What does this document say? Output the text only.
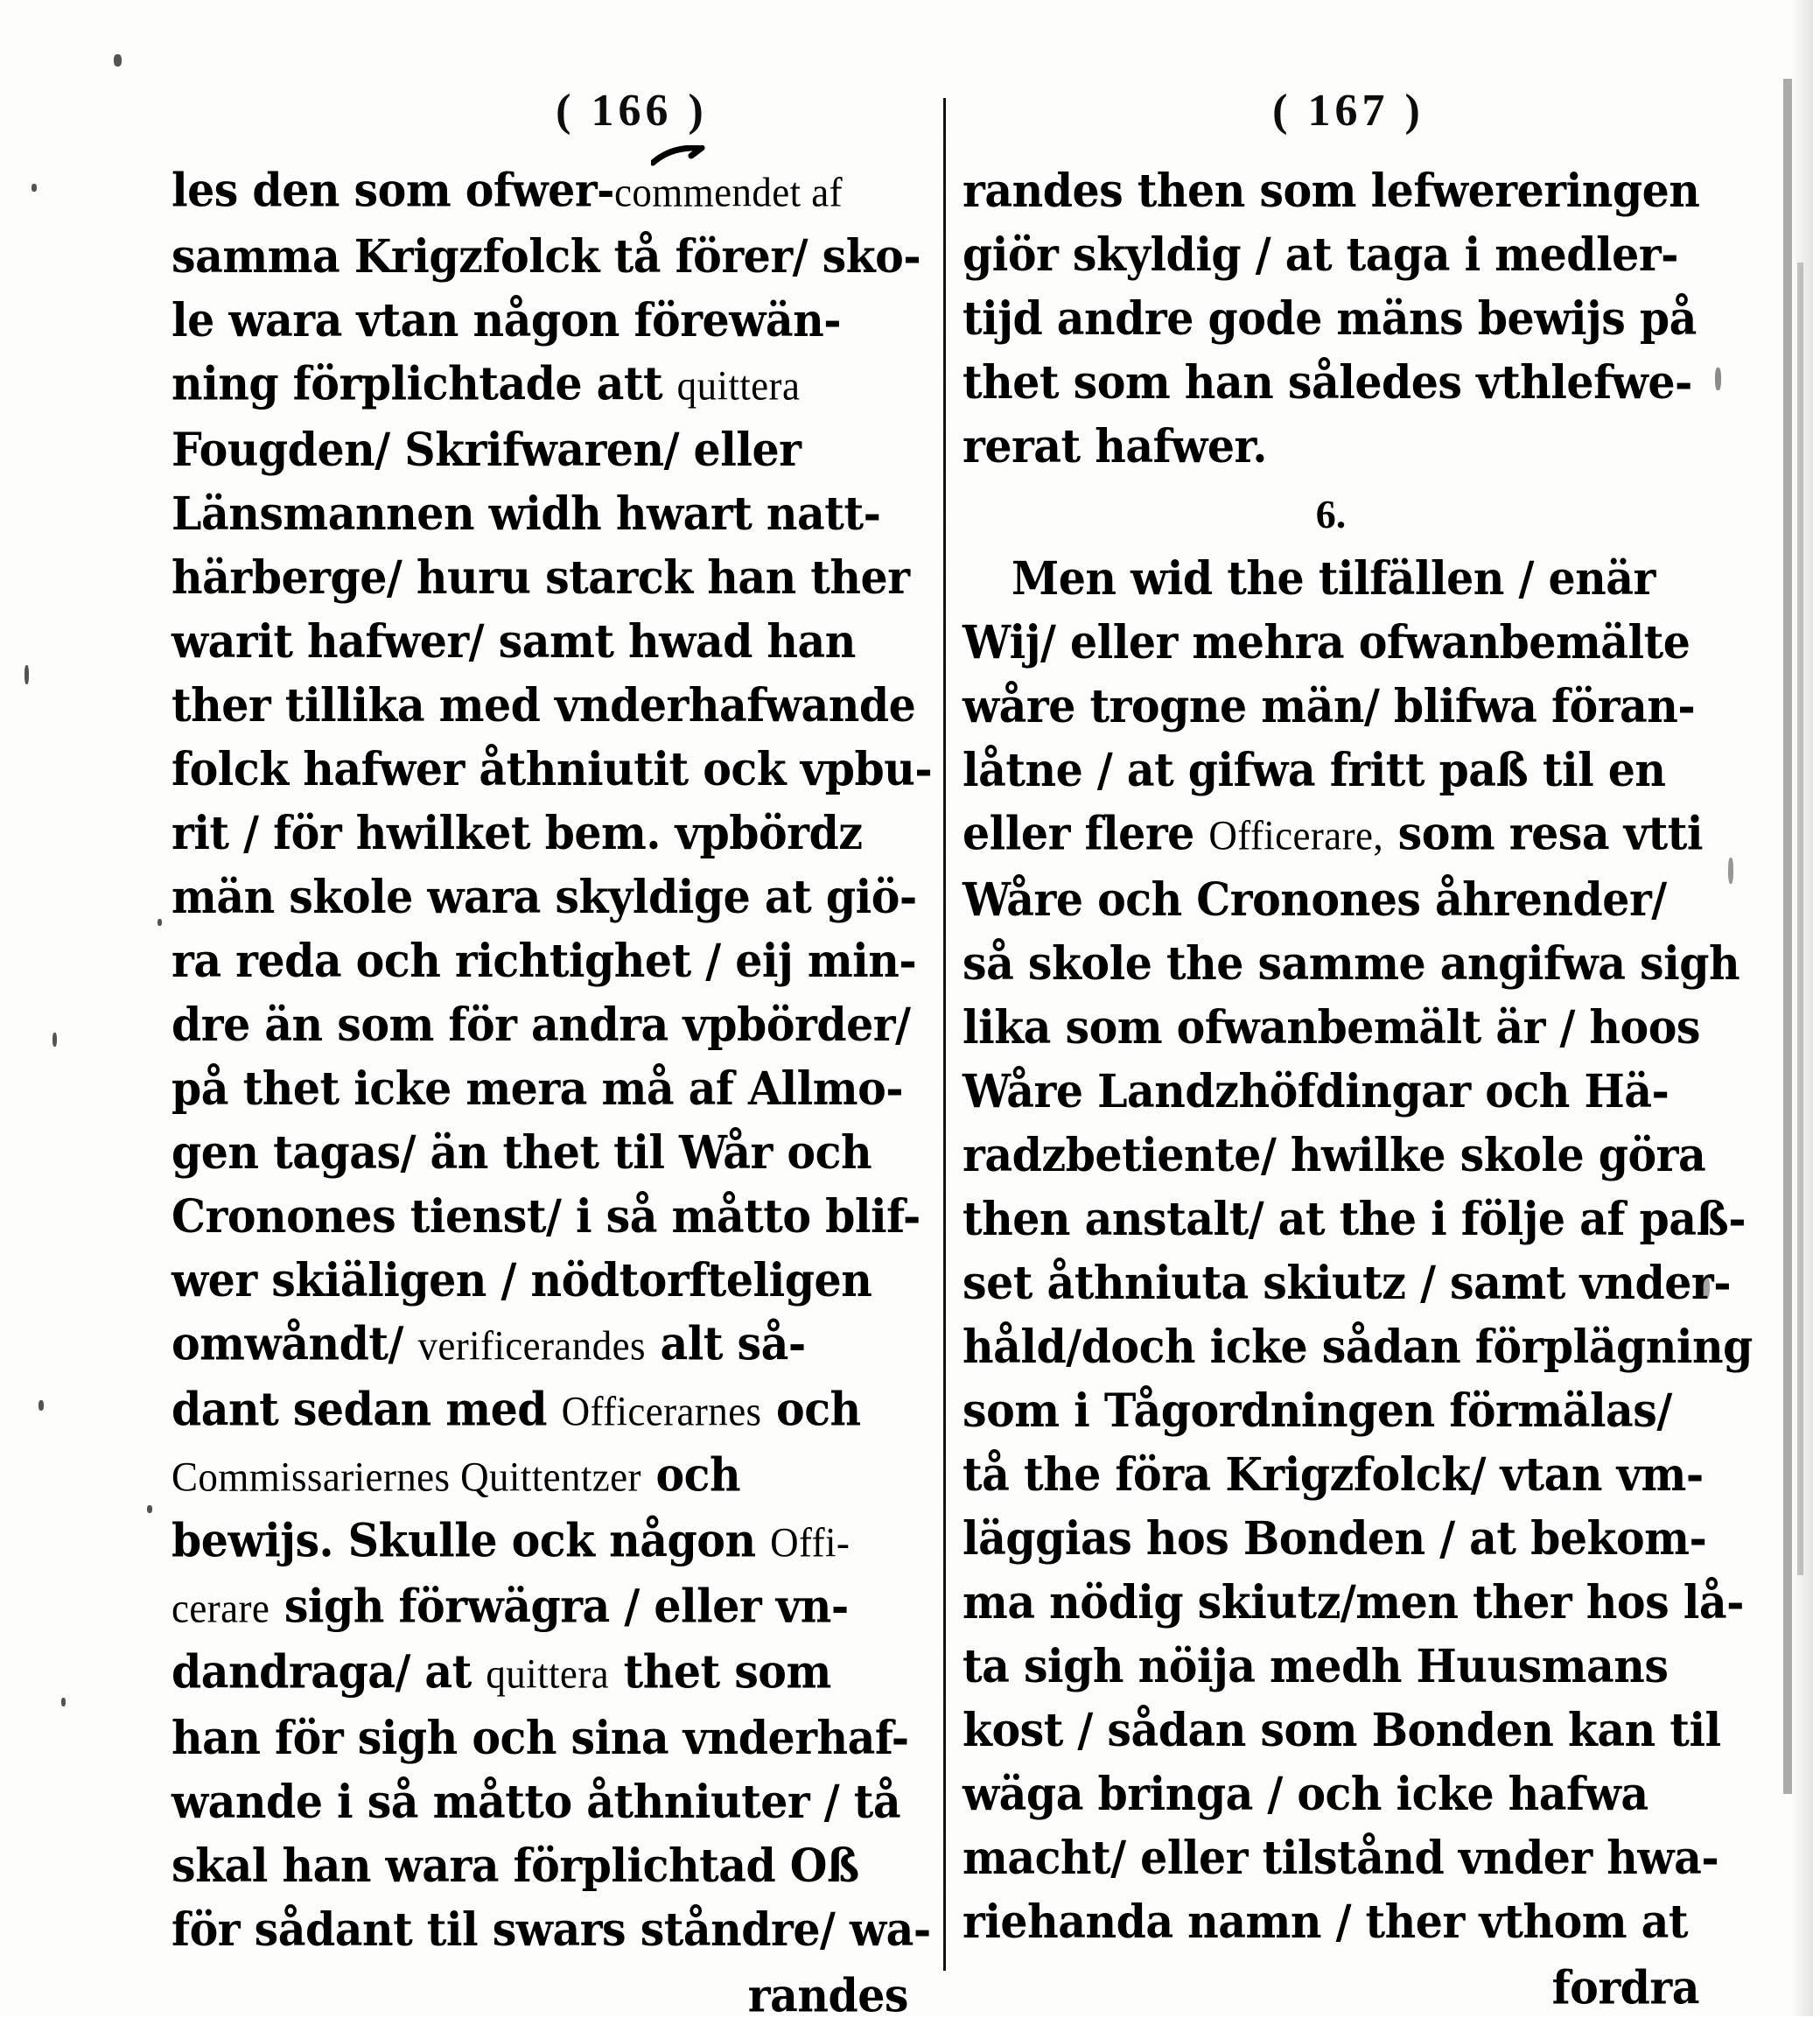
( 166 )
les den som ofwer-commendet af
samma Krigzfolck tå förer/ sko-
le wara vtan någon förewän-
ning förplichtade att quittera
Fougden/ Skrifwaren/ eller
Länsmannen widh hwart natt-
härberge/ huru starck han ther
warit hafwer/ samt hwad han
ther tillika med vnderhafwande
folck hafwer åthniutit ock vpbu-
rit / för hwilket bem. vpbördz
män skole wara skyldige at giö-
ra reda och richtighet / eij min-
dre än som för andra vpbörder/
på thet icke mera må af Allmo-
gen tagas/ än thet til Wår och
Cronones tienst/ i så måtto blif-
wer skiäligen / nödtorfteligen
omwåndt/ verificerandes alt så-
dant sedan med Officerarnes och
Commissariernes Quittentzer och
bewijs. Skulle ock någon Offi-
cerare sigh förwägra / eller vn-
dandraga/ at quittera thet som
han för sigh och sina vnderhaf-
wande i så måtto åthniuter / tå
skal han wara förplichtad Oß
för sådant til swars ståndre/ wa-
randes
( 167 )
randes then som lefwereringen
giör skyldig / at taga i medler-
tijd andre gode mäns bewijs på
thet som han således vthlefwe-
rerat hafwer.
6.
Men wid the tilfällen / enär
Wij/ eller mehra ofwanbemälte
wåre trogne män/ blifwa föran-
låtne / at gifwa fritt paß til en
eller flere Officerare, som resa vtti
Wåre och Cronones åhrender/
så skole the samme angifwa sigh
lika som ofwanbemält är / hoos
Wåre Landzhöfdingar och Hä-
radzbetiente/ hwilke skole göra
then anstalt/ at the i följe af paß-
set åthniuta skiutz / samt vnder-
håld/doch icke sådan förplägning
som i Tågordningen förmälas/
tå the föra Krigzfolck/ vtan vm-
läggias hos Bonden / at bekom-
ma nödig skiutz/men ther hos lå-
ta sigh nöija medh Huusmans
kost / sådan som Bonden kan til
wäga bringa / och icke hafwa
macht/ eller tilstånd vnder hwa-
riehanda namn / ther vthom at
fordra
